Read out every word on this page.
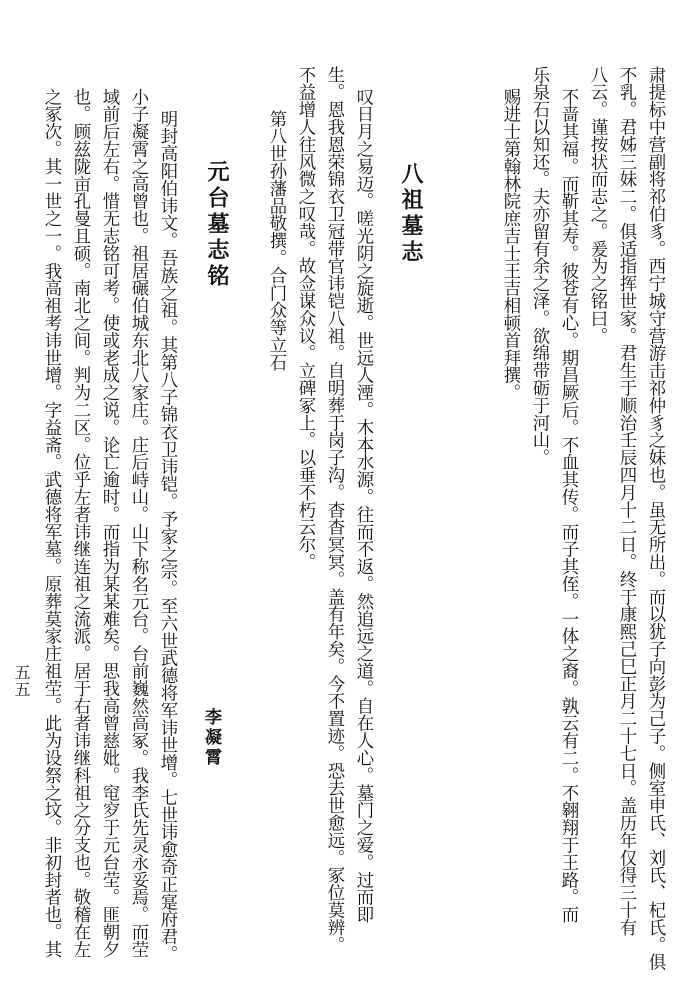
肃提标中营副将祁伯豸。西宁城守营游击祁仲豸之妹也。虽无所出。而以犹子向彭为己子。侧室申氏、刘氏、杞氏。俱
不乳。君姊三妹二。俱适指挥世家。君生于顺治壬辰四月十二日。终于康熙己巳正月二十七日。盖历年仅得三十有
八云。谨按状而志之。爰为之铭曰。
不啬其福。而靳其寿。彼苍有心。期昌厥后。不血其传。而子其侄。一体之裔。孰云有二。不翱翔于王路。而
乐泉石以知还。夫亦留有余之泽。欲绵带砺于河山。
赐进士第翰林院庶吉士王吉相顿首拜撰。
八祖墓志
叹日月之易迈。嗟光阴之旋逝。世远人湮。木本水源。往而不返。然追远之道。自在人心。墓门之爱。过而即
生。恩我恩荣锦衣卫冠带官讳铠八祖。自明葬于岗子沟。杳杳冥冥。盖有年矣。今不置迹。恐去世愈远。冢位莫辨。
不益增人往风微之叹哉。故佥谋众议。立碑冢上。以垂不朽云尔。
第八世孙藩品敬撰。合门众等立石
元台墓志铭
李凝霄
明封高阳伯讳文。吾族之祖。其第八子锦衣卫讳铠。予家之宗。至六世武德将军讳世增。七世讳愈奇正寔府君。
小子凝霄之高曾也。祖居碾伯城东北八家庄。庄后峙山。山下称名元台。台前巍然高冢。我李氏先灵永妥焉。而茔
域前后左右。惜无志铭可考。使或老成之说。论亡逾时。而指为某某难矣。思我高曾慈妣。窀穸于元台茔。匪朝夕
也。顾兹陇亩孔曼且硕。南北之间。判为二区。位乎左者讳继连祖之流派。居于右者讳继科祖之分支也。敬稽在左
之冢次。其一世之一。我高祖考讳世增。字益斋。武德将军墓。原葬莫家庄祖茔。此为设祭之坟。非初封者也。其
五五
